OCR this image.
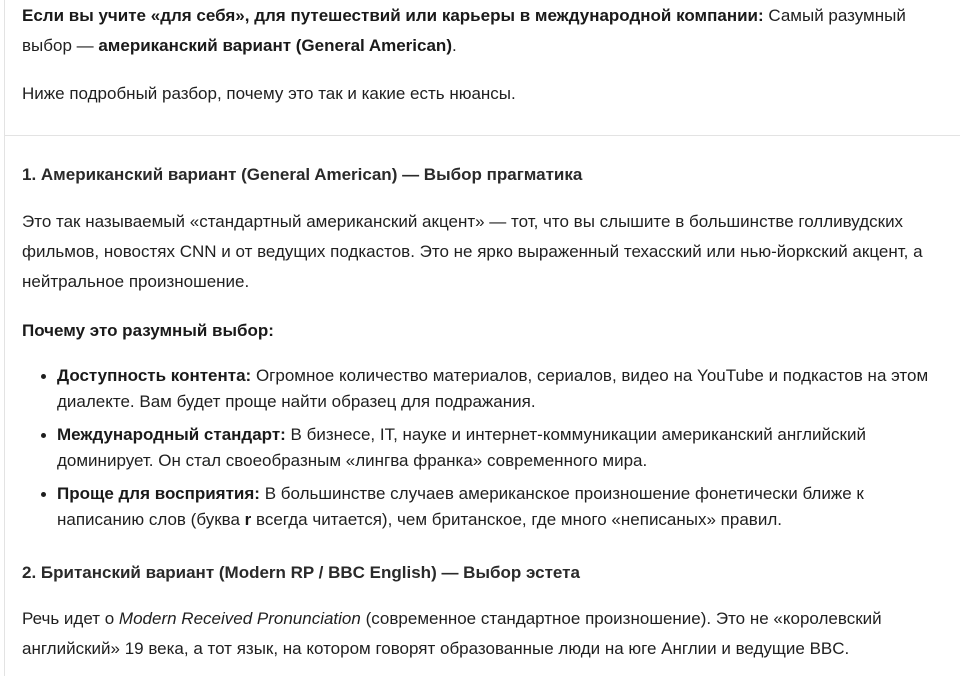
Если вы учите «для себя», для путешествий или карьеры в международной компании: Самый разумный выбор — американский вариант (General American).

Ниже подробный разбор, почему это так и какие есть нюансы.

1. Американский вариант (General American) — Выбор прагматика

Это так называемый «стандартный американский акцент» — тот, что вы слышите в большинстве голливудских фильмов, новостях CNN и от ведущих подкастов. Это не ярко выраженный техасский или нью-йоркский акцент, а нейтральное произношение.

Почему это разумный выбор:

Доступность контента: Огромное количество материалов, сериалов, видео на YouTube и подкастов на этом диалекте. Вам будет проще найти образец для подражания.
Международный стандарт: В бизнесе, IT, науке и интернет-коммуникации американский английский доминирует. Он стал своеобразным «лингва франка» современного мира.
Проще для восприятия: В большинстве случаев американское произношение фонетически ближе к написанию слов (буква r всегда читается), чем британское, где много «неписаных» правил.
2. Британский вариант (Modern RP / BBC English) — Выбор эстета

Речь идет о Modern Received Pronunciation (современное стандартное произношение). Это не «королевский английский» 19 века, а тот язык, на котором говорят образованные люди на юге Англии и ведущие BBC.
